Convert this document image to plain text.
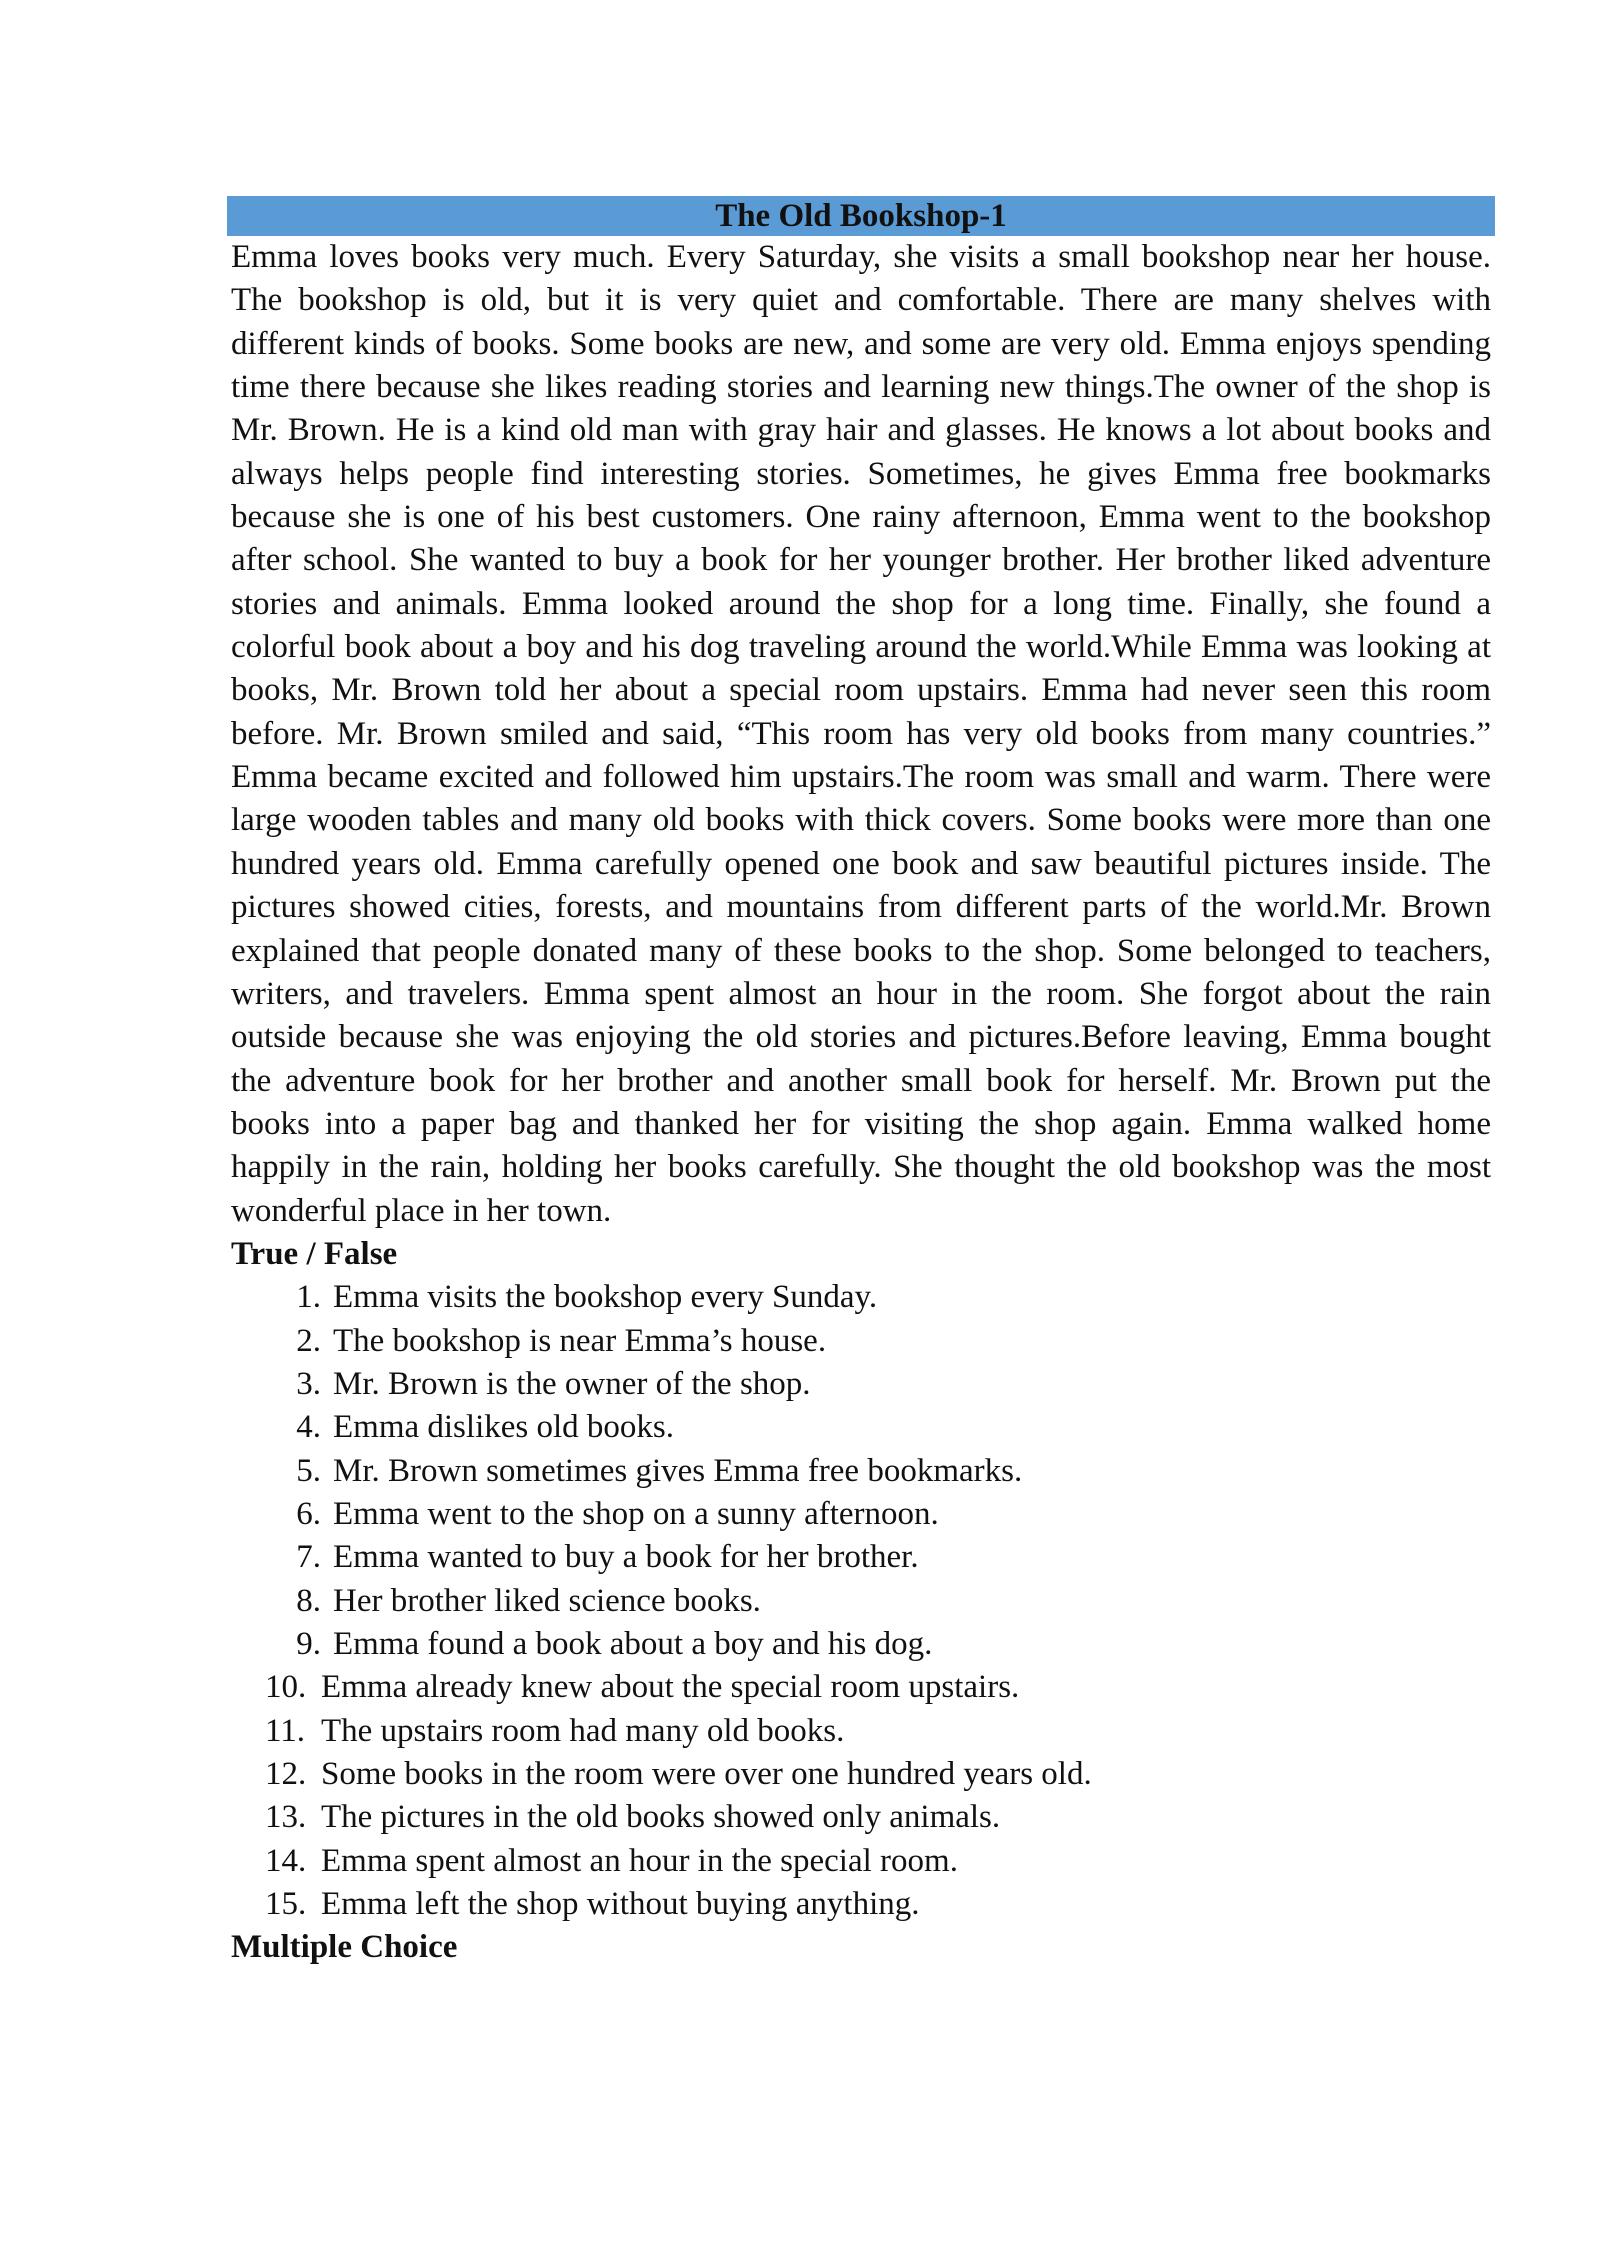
The Old Bookshop-1

Emma loves books very much. Every Saturday, she visits a small bookshop near her house. The bookshop is old, but it is very quiet and comfortable. There are many shelves with different kinds of books. Some books are new, and some are very old. Emma enjoys spending time there because she likes reading stories and learning new things.The owner of the shop is Mr. Brown. He is a kind old man with gray hair and glasses. He knows a lot about books and always helps people find interesting stories. Sometimes, he gives Emma free bookmarks because she is one of his best customers. One rainy afternoon, Emma went to the bookshop after school. She wanted to buy a book for her younger brother. Her brother liked adventure stories and animals. Emma looked around the shop for a long time. Finally, she found a colorful book about a boy and his dog traveling around the world.While Emma was looking at books, Mr. Brown told her about a special room upstairs. Emma had never seen this room before. Mr. Brown smiled and said, “This room has very old books from many countries.” Emma became excited and followed him upstairs.The room was small and warm. There were large wooden tables and many old books with thick covers. Some books were more than one hundred years old. Emma carefully opened one book and saw beautiful pictures inside. The pictures showed cities, forests, and mountains from different parts of the world.Mr. Brown explained that people donated many of these books to the shop. Some belonged to teachers, writers, and travelers. Emma spent almost an hour in the room. She forgot about the rain outside because she was enjoying the old stories and pictures.Before leaving, Emma bought the adventure book for her brother and another small book for herself. Mr. Brown put the books into a paper bag and thanked her for visiting the shop again. Emma walked home happily in the rain, holding her books carefully. She thought the old bookshop was the most wonderful place in her town.

True / False
1. Emma visits the bookshop every Sunday.
2. The bookshop is near Emma’s house.
3. Mr. Brown is the owner of the shop.
4. Emma dislikes old books.
5. Mr. Brown sometimes gives Emma free bookmarks.
6. Emma went to the shop on a sunny afternoon.
7. Emma wanted to buy a book for her brother.
8. Her brother liked science books.
9. Emma found a book about a boy and his dog.
10. Emma already knew about the special room upstairs.
11. The upstairs room had many old books.
12. Some books in the room were over one hundred years old.
13. The pictures in the old books showed only animals.
14. Emma spent almost an hour in the special room.
15. Emma left the shop without buying anything.
Multiple Choice
